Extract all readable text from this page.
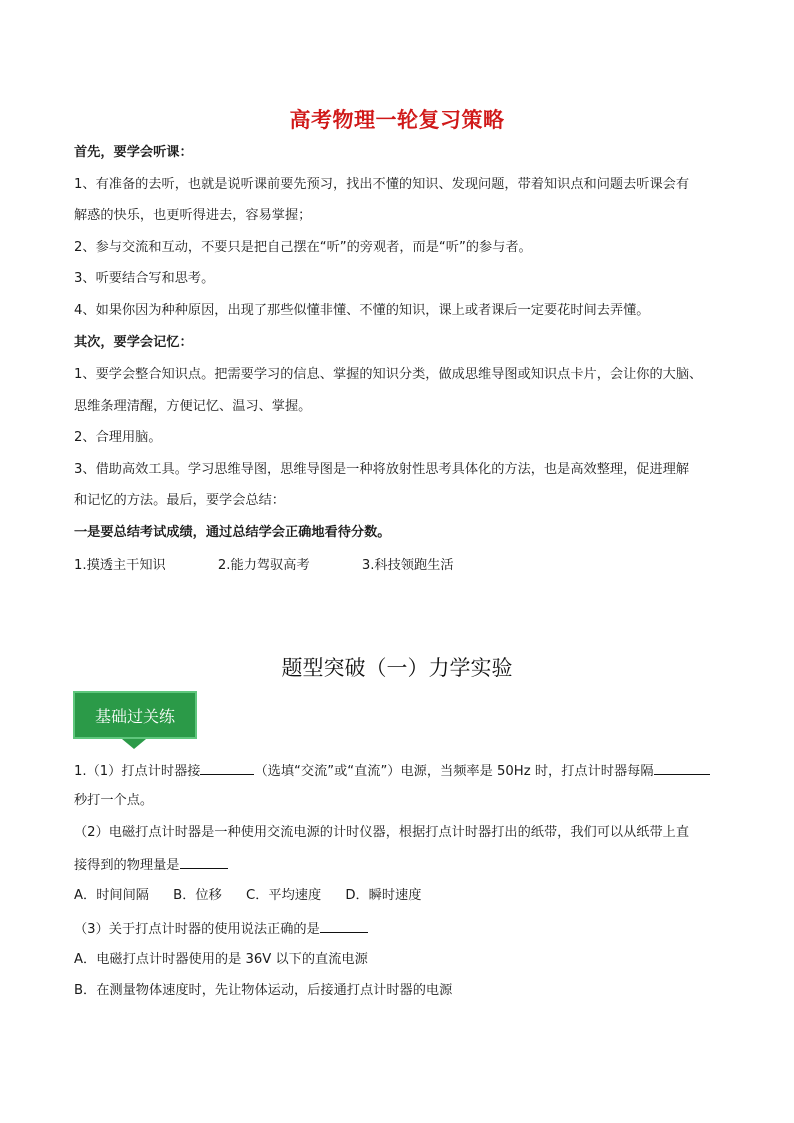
高考物理一轮复习策略
首先，要学会听课：
1、有准备的去听，也就是说听课前要先预习，找出不懂的知识、发现问题，带着知识点和问题去听课会有
解惑的快乐，也更听得进去，容易掌握；
2、参与交流和互动，不要只是把自己摆在“听”的旁观者，而是“听”的参与者。
3、听要结合写和思考。
4、如果你因为种种原因，出现了那些似懂非懂、不懂的知识，课上或者课后一定要花时间去弄懂。
其次，要学会记忆：
1、要学会整合知识点。把需要学习的信息、掌握的知识分类，做成思维导图或知识点卡片，会让你的大脑、
思维条理清醒，方便记忆、温习、掌握。
2、合理用脑。
3、借助高效工具。学习思维导图，思维导图是一种将放射性思考具体化的方法，也是高效整理，促进理解
和记忆的方法。最后，要学会总结：
一是要总结考试成绩，通过总结学会正确地看待分数。
1.摸透主干知识	2.能力驾驭高考	3.科技领跑生活
题型突破（一）力学实验
基础过关练
1.（1）打点计时器接	（选填“交流”或“直流”）电源，当频率是 50Hz 时，打点计时器每隔
秒打一个点。
（2）电磁打点计时器是一种使用交流电源的计时仪器，根据打点计时器打出的纸带，我们可以从纸带上直
接得到的物理量是
A．时间间隔 B．位移 C．平均速度 D．瞬时速度
（3）关于打点计时器的使用说法正确的是
A．电磁打点计时器使用的是 36V 以下的直流电源
B．在测量物体速度时，先让物体运动，后接通打点计时器的电源
